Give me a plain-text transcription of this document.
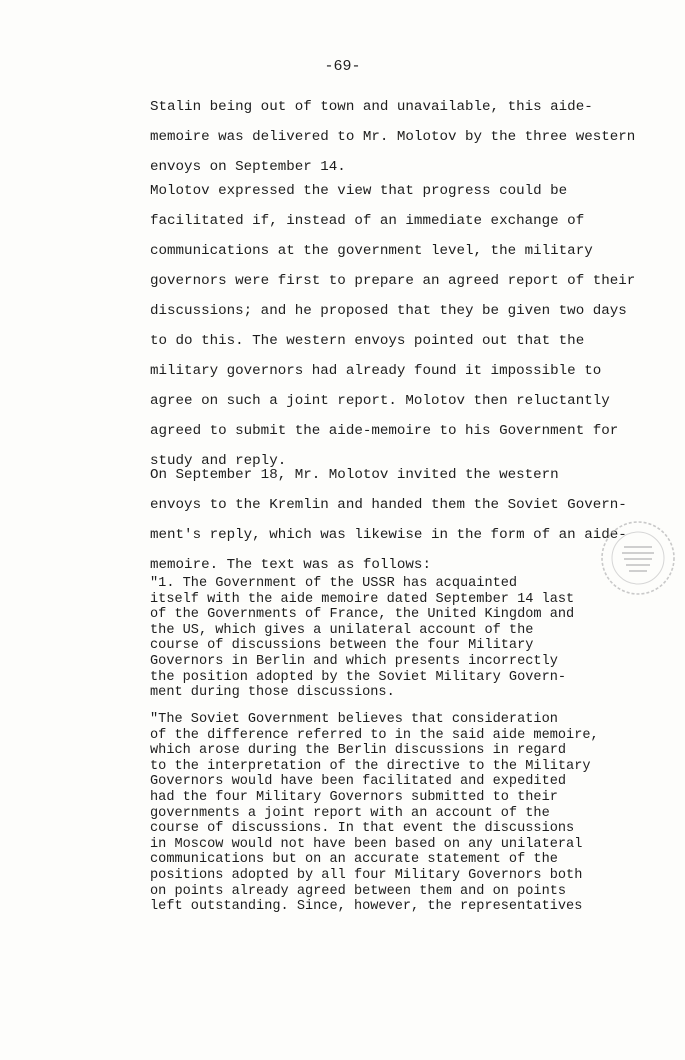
-69-
Stalin being out of town and unavailable, this aide-
memoire was delivered to Mr. Molotov by the three western
envoys on September 14.
Molotov expressed the view that progress could be
facilitated if, instead of an immediate exchange of
communications at the government level, the military
governors were first to prepare an agreed report of their
discussions; and he proposed that they be given two days
to do this. The western envoys pointed out that the
military governors had already found it impossible to
agree on such a joint report. Molotov then reluctantly
agreed to submit the aide-memoire to his Government for
study and reply.
On September 18, Mr. Molotov invited the western
envoys to the Kremlin and handed them the Soviet Govern-
ment's reply, which was likewise in the form of an aide-
memoire. The text was as follows:
"1. The Government of the USSR has acquainted
itself with the aide memoire dated September 14 last
of the Governments of France, the United Kingdom and
the US, which gives a unilateral account of the
course of discussions between the four Military
Governors in Berlin and which presents incorrectly
the position adopted by the Soviet Military Govern-
ment during those discussions.
"The Soviet Government believes that consideration
of the difference referred to in the said aide memoire,
which arose during the Berlin discussions in regard
to the interpretation of the directive to the Military
Governors would have been facilitated and expedited
had the four Military Governors submitted to their
governments a joint report with an account of the
course of discussions. In that event the discussions
in Moscow would not have been based on any unilateral
communications but on an accurate statement of the
positions adopted by all four Military Governors both
on points already agreed between them and on points
left outstanding. Since, however, the representatives
